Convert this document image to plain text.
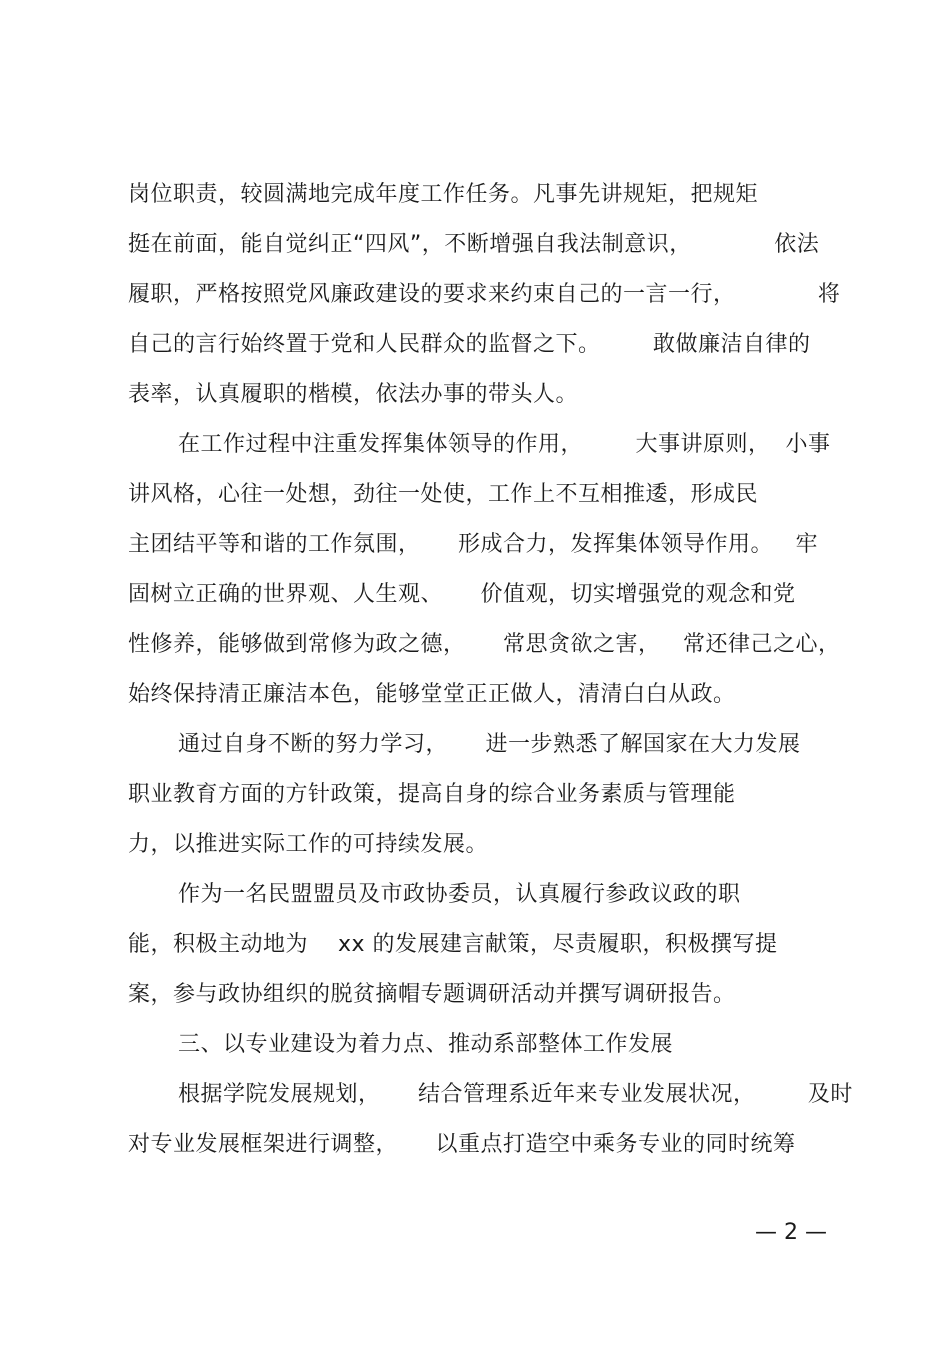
岗位职责，较圆满地完成年度工作任务。凡事先讲规矩，把规矩

挺在前面，能自觉纠正“四风”，不断增强自我法制意识，           依法

履职，严格按照党风廉政建设的要求来约束自己的一言一行，           将

自己的言行始终置于党和人民群众的监督之下。       敢做廉洁自律的

表率，认真履职的楷模，依法办事的带头人。

在工作过程中注重发挥集体领导的作用，       大事讲原则，  小事

讲风格，心往一处想，劲往一处使，工作上不互相推逶，形成民

主团结平等和谐的工作氛围，     形成合力，发挥集体领导作用。   牢

固树立正确的世界观、人生观、     价值观，切实增强党的观念和党

性修养，能够做到常修为政之德，     常思贪欲之害，   常还律己之心，

始终保持清正廉洁本色，能够堂堂正正做人，清清白白从政。

通过自身不断的努力学习，     进一步熟悉了解国家在大力发展

职业教育方面的方针政策，提高自身的综合业务素质与管理能

力，以推进实际工作的可持续发展。

作为一名民盟盟员及市政协委员，认真履行参政议政的职

能，积极主动地为    xx 的发展建言献策，尽责履职，积极撰写提

案，参与政协组织的脱贫摘帽专题调研活动并撰写调研报告。

三、以专业建设为着力点、推动系部整体工作发展

根据学院发展规划，     结合管理系近年来专业发展状况，       及时

对专业发展框架进行调整，     以重点打造空中乘务专业的同时统筹

— 2 —
